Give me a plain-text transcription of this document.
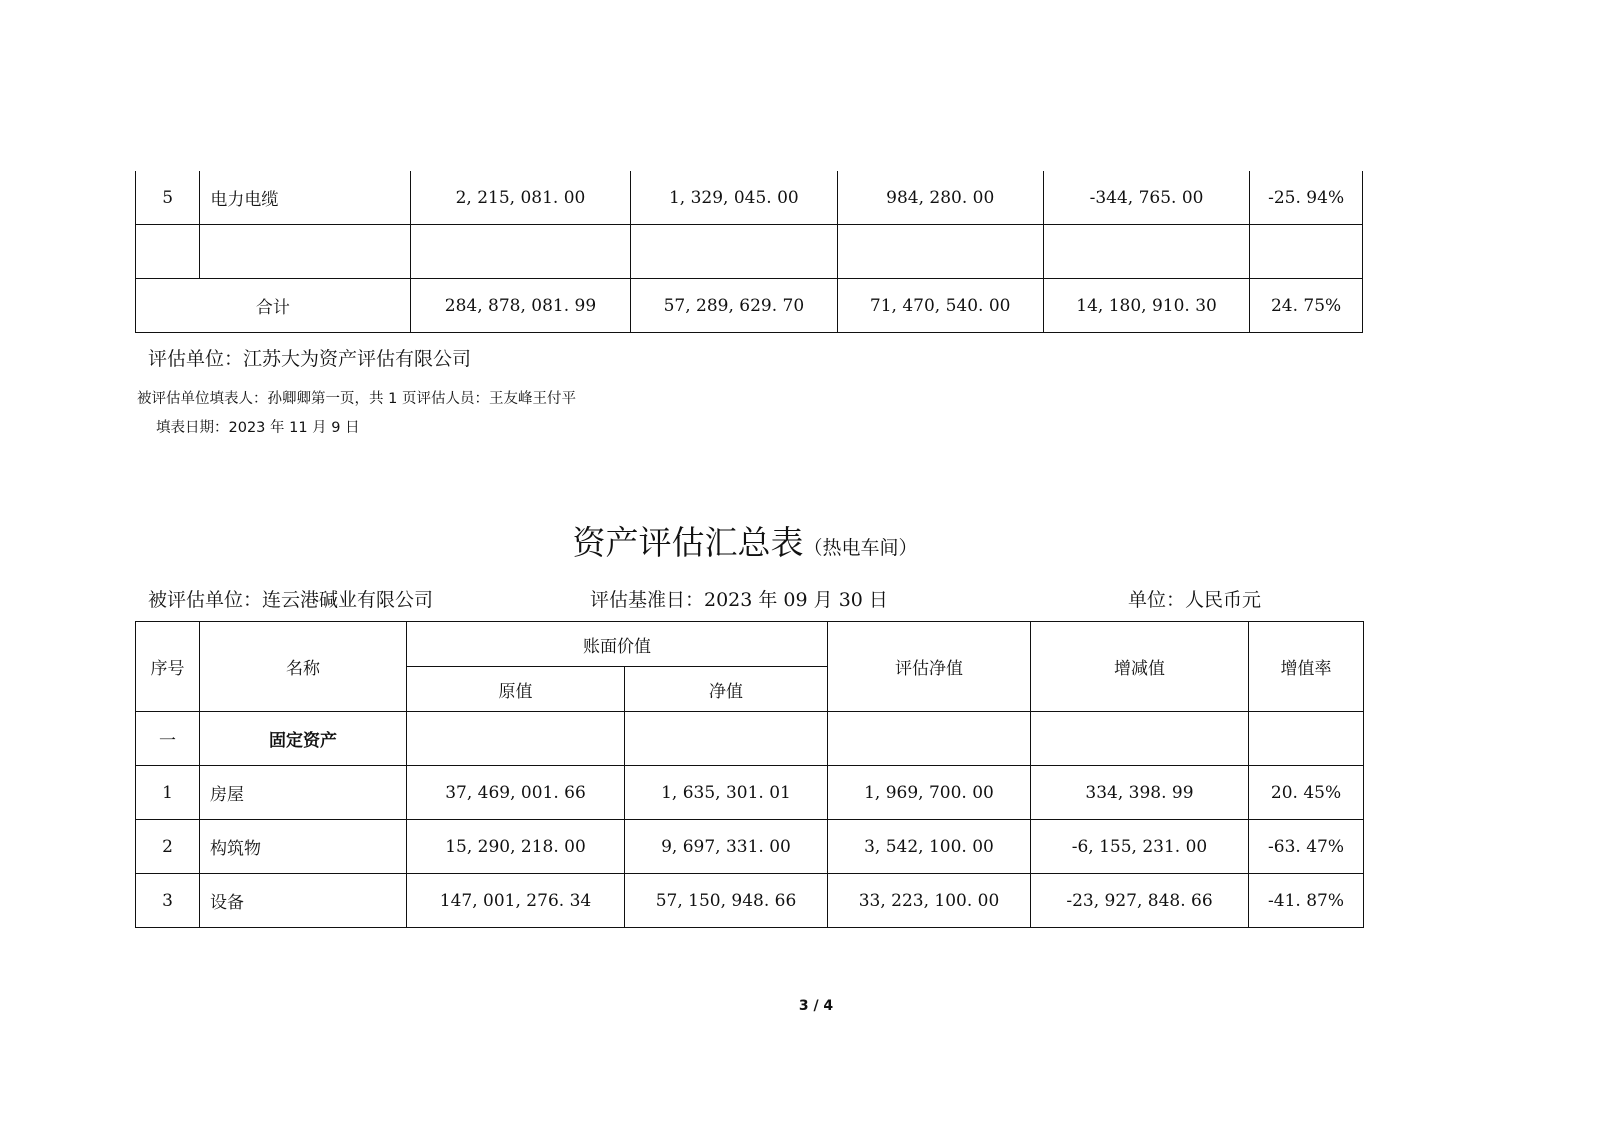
5	电力电缆	2, 215, 081. 00	1, 329, 045. 00	984, 280. 00	-344, 765. 00	-25. 94%

合计		284, 878, 081. 99	57, 289, 629. 70	71, 470, 540. 00	14, 180, 910. 30	24. 75%
评估单位：江苏大为资产评估有限公司
被评估单位填表人：孙卿卿第一页，共 1 页评估人员：王友峰王付平
填表日期：2023 年 11 月 9 日
资产评估汇总表（热电车间）
被评估单位：连云港碱业有限公司	评估基准日：2023 年 09 月 30 日	单位：人民币元
序号	名称	账面价值		评估净值	增减值	增值率
		原值	净值			
一	固定资产					
1	房屋	37, 469, 001. 66	1, 635, 301. 01	1, 969, 700. 00	334, 398. 99	20. 45%
2	构筑物	15, 290, 218. 00	9, 697, 331. 00	3, 542, 100. 00	-6, 155, 231. 00	-63. 47%
3	设备	147, 001, 276. 34	57, 150, 948. 66	33, 223, 100. 00	-23, 927, 848. 66	-41. 87%
3 / 4
